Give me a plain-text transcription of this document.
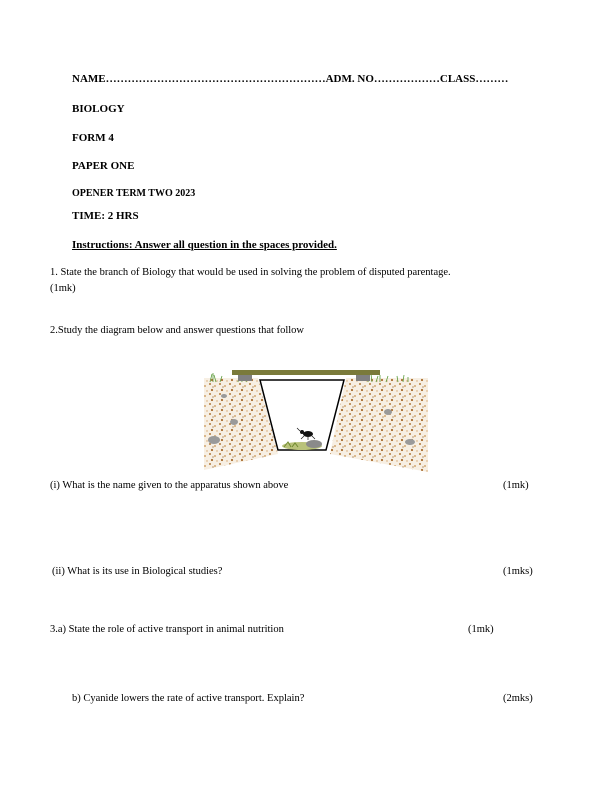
NAME……………………………………………………ADM. NO………………CLASS………
BIOLOGY
FORM 4
PAPER ONE
OPENER TERM TWO 2023
TIME: 2 HRS
Instructions: Answer all question in the spaces provided.
1. State the branch of Biology that would be used in solving the problem of disputed parentage.
(1mk)
2.Study the diagram below and answer questions that follow
(i) What is the name given to the apparatus shown above	(1mk)
(ii) What is its use in Biological studies?	(1mks)
3.a) State the role of active transport in animal nutrition	(1mk)
b) Cyanide lowers the rate of active transport. Explain?	(2mks)
